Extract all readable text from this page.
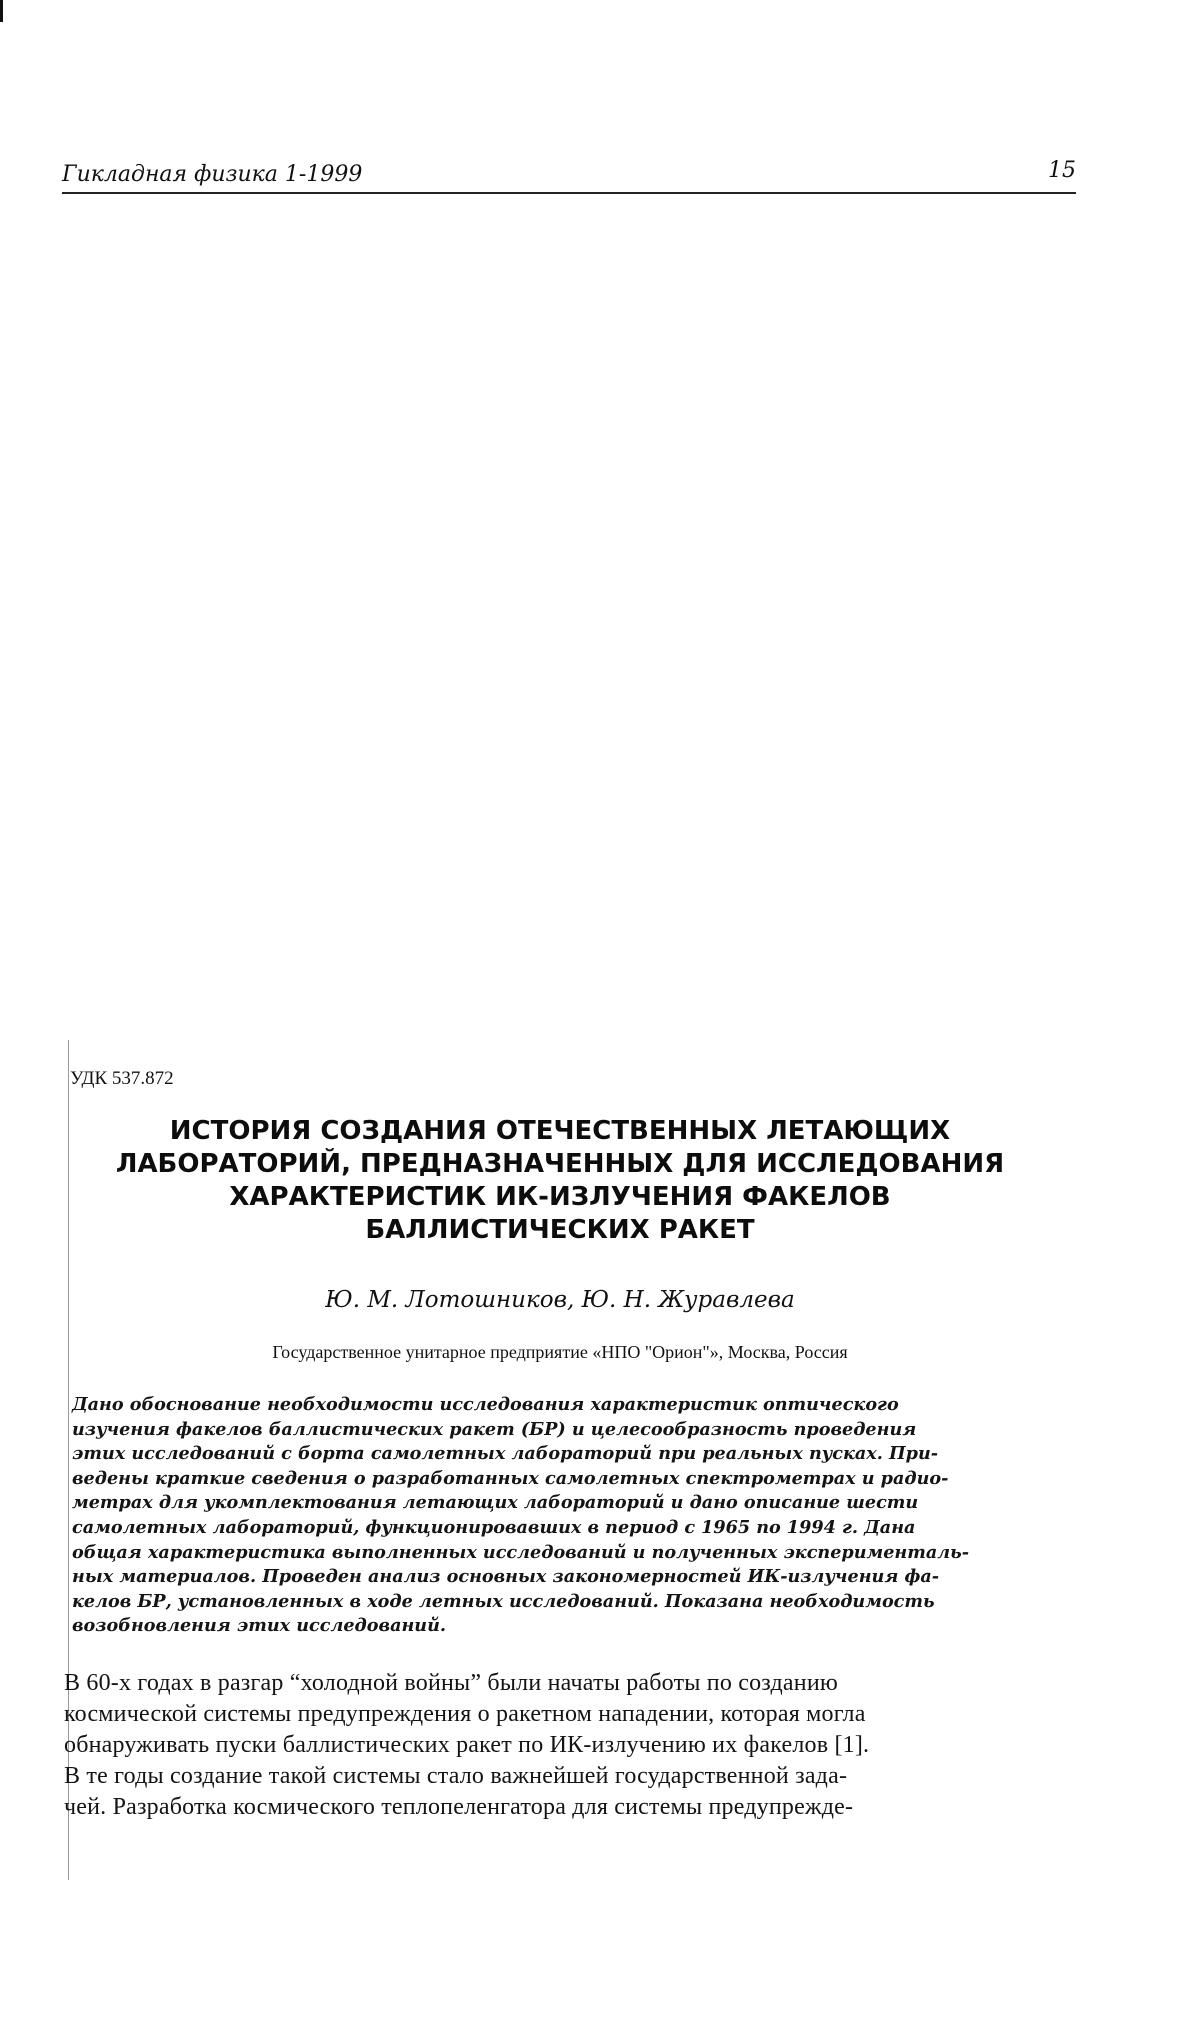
Гикладная физика 1-1999	15
УДК 537.872
ИСТОРИЯ СОЗДАНИЯ ОТЕЧЕСТВЕННЫХ ЛЕТАЮЩИХ
ЛАБОРАТОРИЙ, ПРЕДНАЗНАЧЕННЫХ ДЛЯ ИССЛЕДОВАНИЯ
ХАРАКТЕРИСТИК ИК-ИЗЛУЧЕНИЯ ФАКЕЛОВ
БАЛЛИСТИЧЕСКИХ РАКЕТ
Ю. М. Лотошников, Ю. Н. Журавлева
Государственное унитарное предприятие «НПО "Орион"», Москва, Россия
Дано обоснование необходимости исследования характеристик оптического
изучения факелов баллистических ракет (БР) и целесообразность проведения
этих исследований с борта самолетных лабораторий при реальных пусках. При-
ведены краткие сведения о разработанных самолетных спектрометрах и радио-
метрах для укомплектования летающих лабораторий и дано описание шести
самолетных лабораторий, функционировавших в период с 1965 по 1994 г. Дана
общая характеристика выполненных исследований и полученных эксперименталь-
ных материалов. Проведен анализ основных закономерностей ИК-излучения фа-
келов БР, установленных в ходе летных исследований. Показана необходимость
возобновления этих исследований.
В 60-х годах в разгар “холодной войны” были начаты работы по созданию
космической системы предупреждения о ракетном нападении, которая могла
обнаруживать пуски баллистических ракет по ИК-излучению их факелов [1].
В те годы создание такой системы стало важнейшей государственной зада-
чей. Разработка космического теплопеленгатора для системы предупрежде-
